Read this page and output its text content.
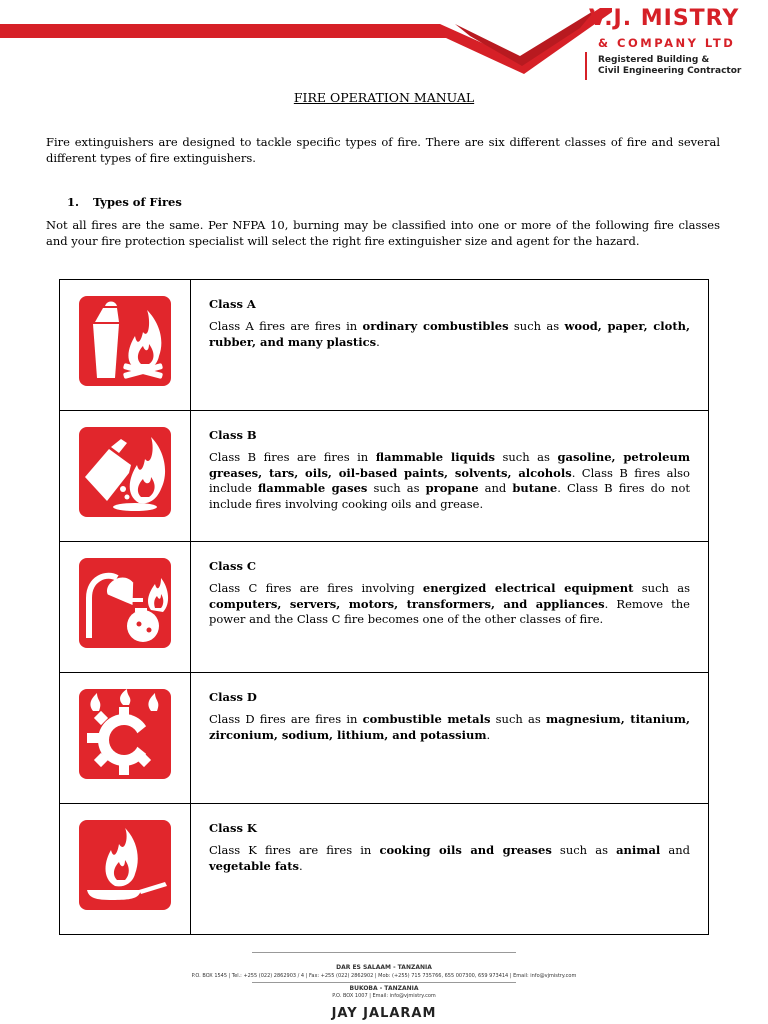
V.J. MISTRY
& COMPANY LTD
Registered Building &
Civil Engineering Contractor
FIRE OPERATION MANUAL
Fire extinguishers are designed to tackle specific types of fire. There are six different classes of fire and several different types of fire extinguishers.
1. Types of Fires
Not all fires are the same. Per NFPA 10, burning may be classified into one or more of the following fire classes and your fire protection specialist will select the right fire extinguisher size and agent for the hazard.

Class A
Class A fires are fires in ordinary combustibles such as wood, paper, cloth, rubber, and many plastics.

Class B
Class B fires are fires in flammable liquids such as gasoline, petroleum greases, tars, oils, oil-based paints, solvents, alcohols. Class B fires also include flammable gases such as propane and butane. Class B fires do not include fires involving cooking oils and grease.

Class C
Class C fires are fires involving energized electrical equipment such as computers, servers, motors, transformers, and appliances. Remove the power and the Class C fire becomes one of the other classes of fire.

Class D
Class D fires are fires in combustible metals such as magnesium, titanium, zirconium, sodium, lithium, and potassium.

Class K
Class K fires are fires in cooking oils and greases such as animal and vegetable fats.
DAR ES SALAAM - TANZANIA
P.O. BOX 1545 | Tel.: +255 (022) 2862903 / 4 | Fax: +255 (022) 2862902 | Mob: (+255) 715 735766, 655 007300, 659 973414 | Email: info@vjmistry.com
BUKOBA - TANZANIA
P.O. BOX 1007 | Email: info@vjmistry.com
JAY JALARAM
